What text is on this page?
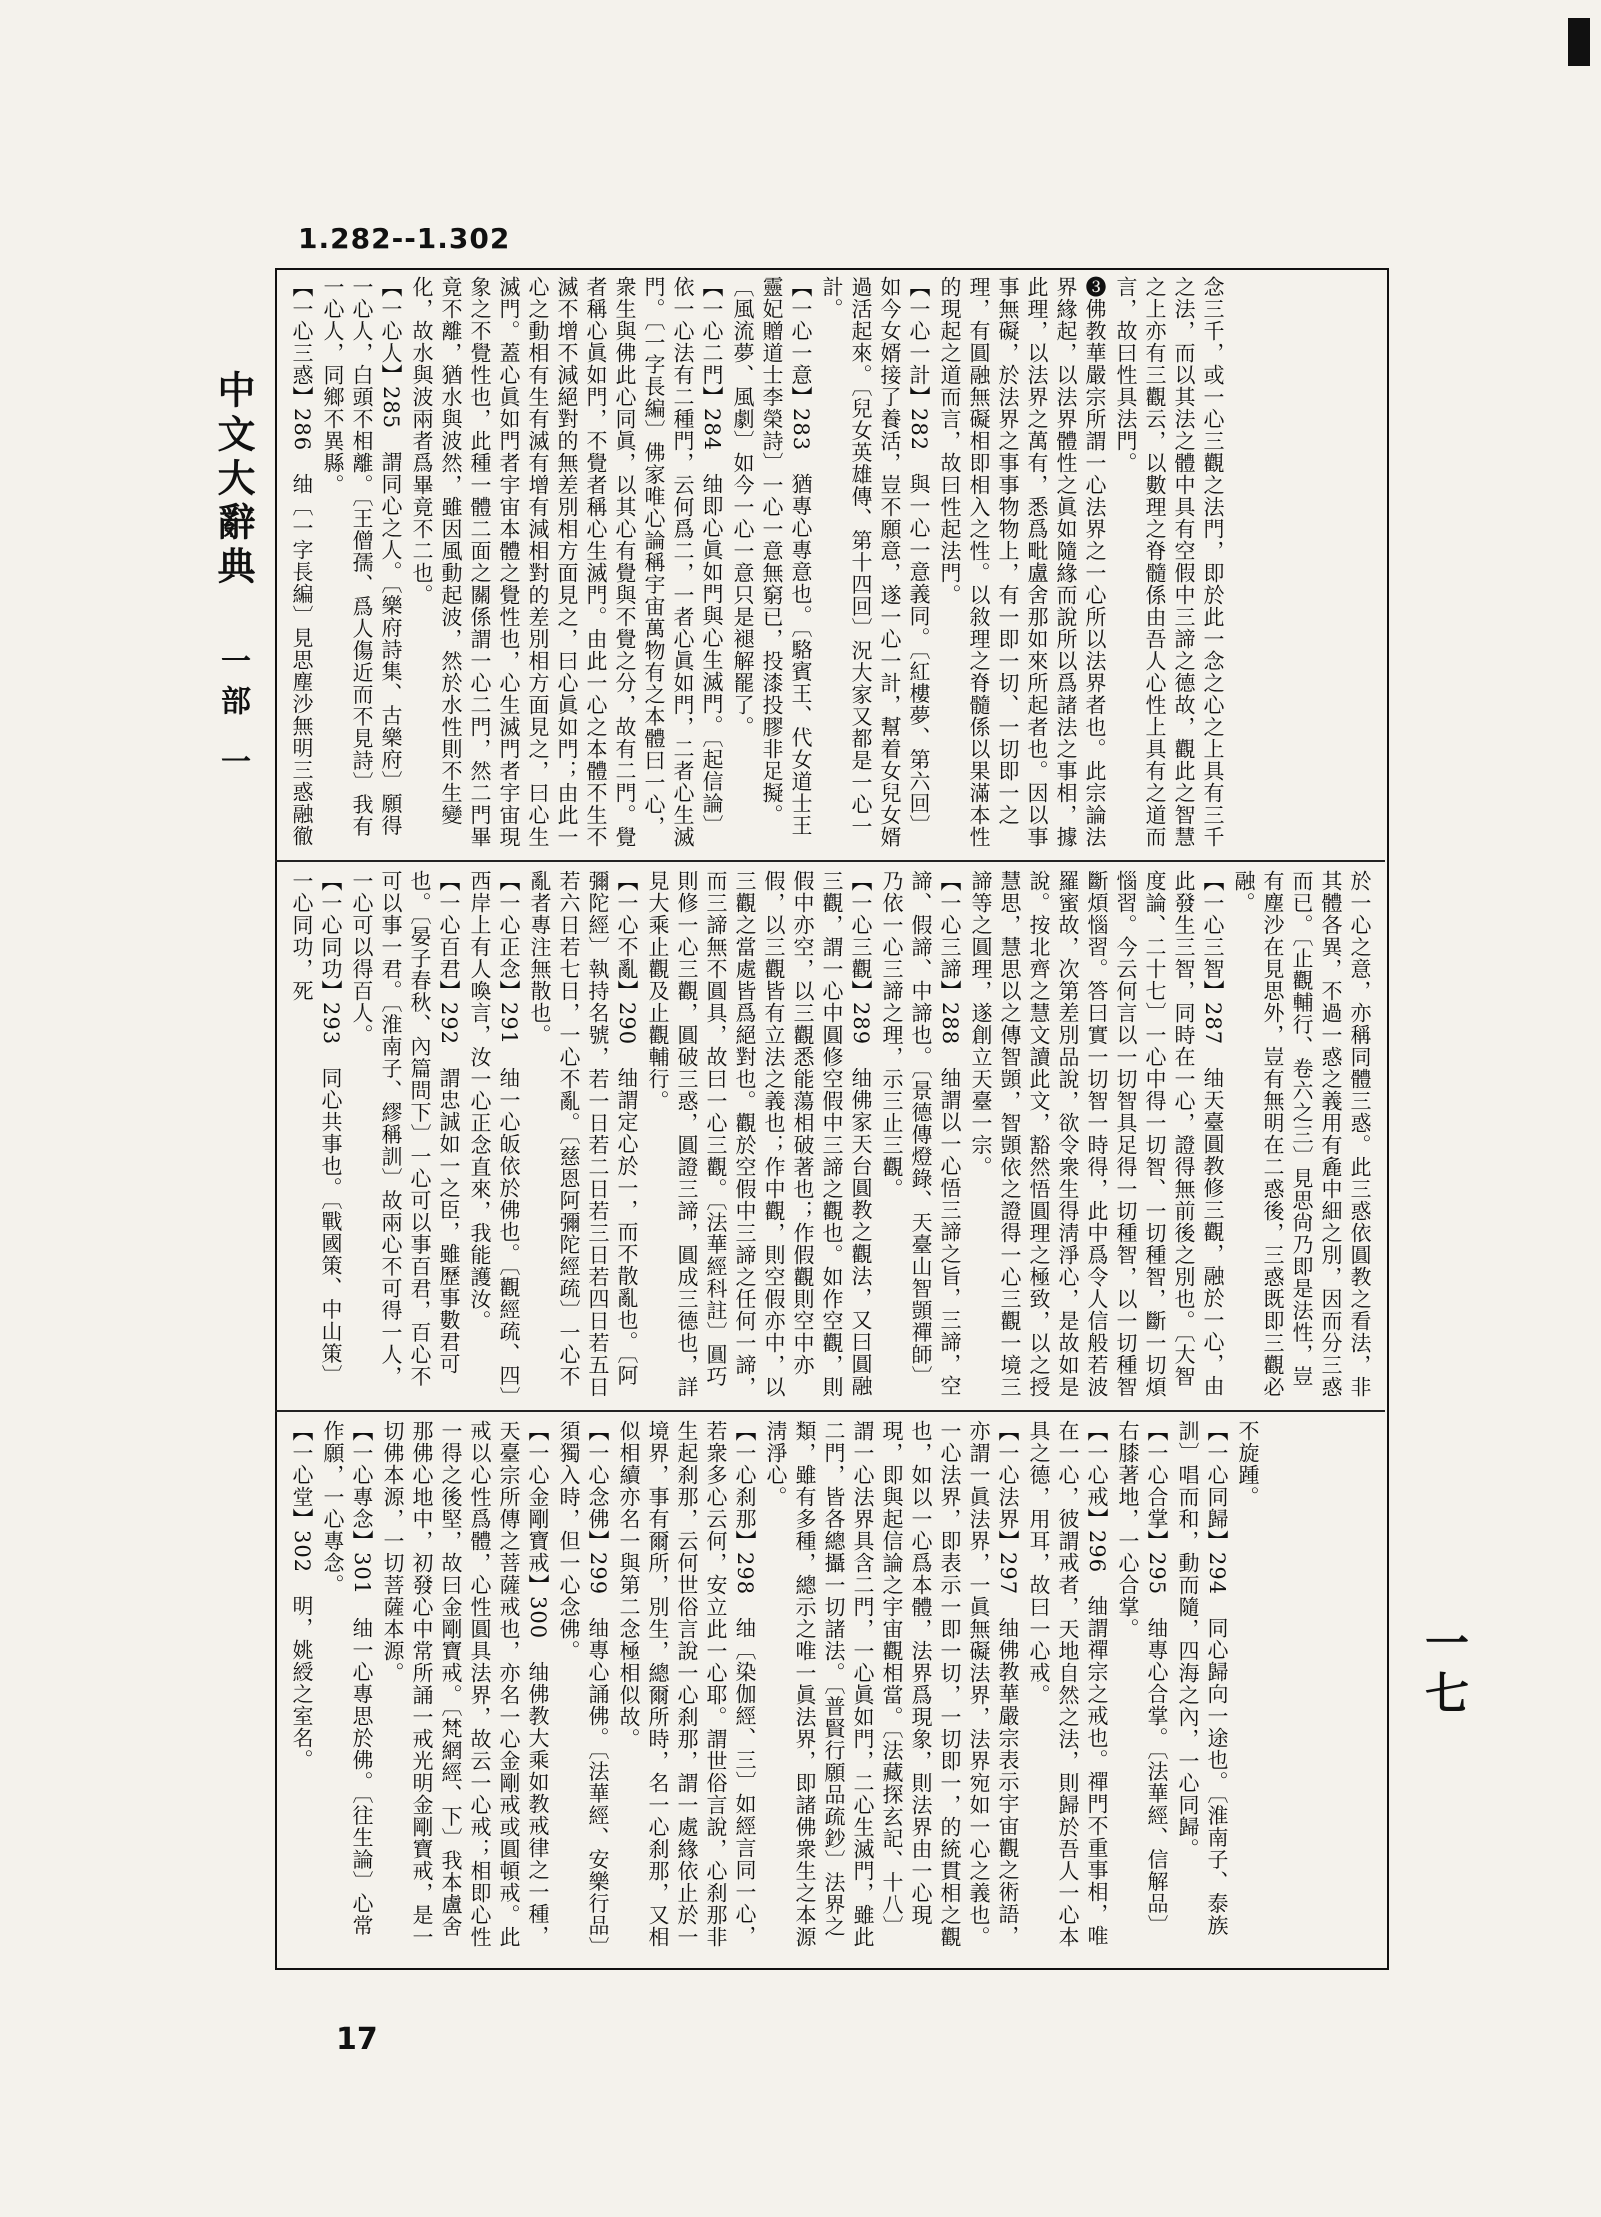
1.282--1.302
中文大辭典
一部 一
一七

念三千，或一心三觀之法門，即於此一念之心之上具有三千之法，而以其法之體中具有空假中三諦之德故，觀此之智慧之上亦有三觀云，以數理之脊髓係由吾人心性上具有之道而言，故曰性具法門。

❸佛教華嚴宗所謂一心法界之一心所以法界者也。此宗論法界緣起，以法界體性之眞如隨緣而說所以爲諸法之事相，據此理，以法界之萬有，悉爲毗盧舍那如來所起者也。因以事事無礙，於法界之事事物物上，有一即一切、一切即一之理，有圓融無礙相即相入之性。以敘理之脊髓係以果滿本性的現起之道而言，故曰性起法門。

【一心一計】282　與一心一意義同。〔紅樓夢、第六回〕如今女婿接了養活，豈不願意，遂一心一計，幫着女兒女婿過活起來。〔兒女英雄傳、第十四回〕況大家又都是一心一計。

【一心一意】283　猶專心專意也。〔駱賓王、代女道士王靈妃贈道士李榮詩〕一心一意無窮已，投漆投膠非足擬。〔風流夢、風劇〕如今一心一意只是褪解罷了。

【一心二門】284　䌷即心眞如門與心生滅門。〔起信論〕依一心法有二種門，云何爲二，一者心眞如門，二者心生滅門。〔一字長編〕佛家唯心論稱宇宙萬物有之本體曰一心，衆生與佛此心同眞，以其心有覺與不覺之分，故有二門。覺者稱心眞如門，不覺者稱心生滅門。由此一心之本體不生不滅不增不減絕對的無差別相方面見之，曰心眞如門；由此一心之動相有生有滅有增有減相對的差別相方面見之，曰心生滅門。蓋心眞如門者宇宙本體之覺性也，心生滅門者宇宙現象之不覺性也，此種一體二面之關係謂一心二門，然二門畢竟不離，猶水與波然，雖因風動起波，然於水性則不生變化，故水與波兩者爲畢竟不二也。

【一心人】285　謂同心之人。〔樂府詩集、古樂府〕願得一心人，白頭不相離。〔王僧孺、爲人傷近而不見詩〕我有一心人，同鄉不異縣。

【一心三惑】286　䌷〔一字長編〕見思塵沙無明三惑融徹

於一心之意，亦稱同體三惑。此三惑依圓教之看法，非其體各異，不過一惑之義用有麁中細之別，因而分三惑而已。〔止觀輔行、卷六之三〕見思尙乃即是法性，豈有塵沙在見思外，豈有無明在二惑後，三惑既即三觀必融。

【一心三智】287　䌷天臺圓教修三觀，融於一心，由此發生三智，同時在一心，證得無前後之別也。〔大智度論、二十七〕一心中得一切智、一切種智，斷一切煩惱習。今云何言以一切智具足得一切種智，以一切種智斷煩惱習。答曰實一切智一時得，此中爲令人信般若波羅蜜故，次第差別品說，欲令衆生得淸淨心，是故如是說。按北齊之慧文讀此文，豁然悟圓理之極致，以之授慧思，慧思以之傳智顗，智顗依之證得一心三觀一境三諦等之圓理，遂創立天臺一宗。

【一心三諦】288　䌷謂以一心悟三諦之旨，三諦，空諦、假諦、中諦也。〔景德傳燈錄、天臺山智顗禪師〕乃依一心三諦之理，示三止三觀。

【一心三觀】289　䌷佛家天台圓教之觀法，又曰圓融三觀，謂一心中圓修空假中三諦之觀也。如作空觀，則假中亦空，以三觀悉能蕩相破著也；作假觀則空中亦假，以三觀皆有立法之義也；作中觀，則空假亦中，以三觀之當處皆爲絕對也。觀於空假中三諦之任何一諦，而三諦無不圓具，故曰一心三觀。〔法華經科註〕圓巧則修一心三觀，圓破三惑，圓證三諦，圓成三德也，詳見大乘止觀及止觀輔行。

【一心不亂】290　䌷謂定心於一，而不散亂也。〔阿彌陀經〕執持名號，若一日若二日若三日若四日若五日若六日若七日，一心不亂。〔慈恩阿彌陀經疏〕一心不亂者專注無散也。

【一心正念】291　䌷一心皈依於佛也。〔觀經疏、四〕西岸上有人喚言，汝一心正念直來，我能護汝。

【一心百君】292　謂忠誠如一之臣，雖歷事數君可也。〔晏子春秋、內篇問下〕一心可以事百君，百心不可以事一君。〔淮南子、繆稱訓〕故兩心不可得一人，一心可以得百人。

【一心同功】293　同心共事也。〔戰國策、中山策〕一心同功，死

不旋踵。

【一心同歸】294　同心歸向一途也。〔淮南子、泰族訓〕唱而和，動而隨，四海之內，一心同歸。

【一心合掌】295　䌷專心合掌。〔法華經、信解品〕右膝著地，一心合掌。

【一心戒】296　䌷謂禪宗之戒也。禪門不重事相，唯在一心，彼謂戒者，天地自然之法，則歸於吾人一心本具之德，用耳，故曰一心戒。

【一心法界】297　䌷佛教華嚴宗表示宇宙觀之術語，亦謂一眞法界，一眞無礙法界，法界宛如一心之義也。一心法界，即表示一即一切，一切即一，的統貫相之觀也，如以一心爲本體，法界爲現象，則法界由一心現現，即與起信論之宇宙觀相當。〔法藏探玄記、十八〕謂一心法界具含二門，一心眞如門，二心生滅門，雖此二門，皆各總攝一切諸法。〔普賢行願品疏鈔〕法界之類，雖有多種，總示之唯一眞法界，即諸佛衆生之本源淸淨心。

【一心刹那】298　䌷〔染伽經、三〕如經言同一心，若衆多心云何，安立此一心耶。謂世俗言說，心刹那非生起刹那，云何世俗言說一心刹那，謂一處緣依止於一境界，事有爾所，別生，總爾所時，名一心刹那，又相似相續亦名一與第二念極相似故。

【一心念佛】299　䌷專心誦佛。〔法華經、安樂行品〕須獨入時，但一心念佛。

【一心金剛寶戒】300　䌷佛教大乘如教戒律之一種，天臺宗所傳之菩薩戒也，亦名一心金剛戒或圓頓戒。此戒以心性爲體，心性圓具法界，故云一心戒；相即心性一得之後堅，故曰金剛寶戒。〔梵網經、下〕我本盧舍那佛心地中，初發心中常所誦一戒光明金剛寶戒，是一切佛本源，一切菩薩本源。

【一心專念】301　䌷一心專思於佛。〔往生論〕心常作願，一心專念。

【一心堂】302　明，姚綬之室名。

17
